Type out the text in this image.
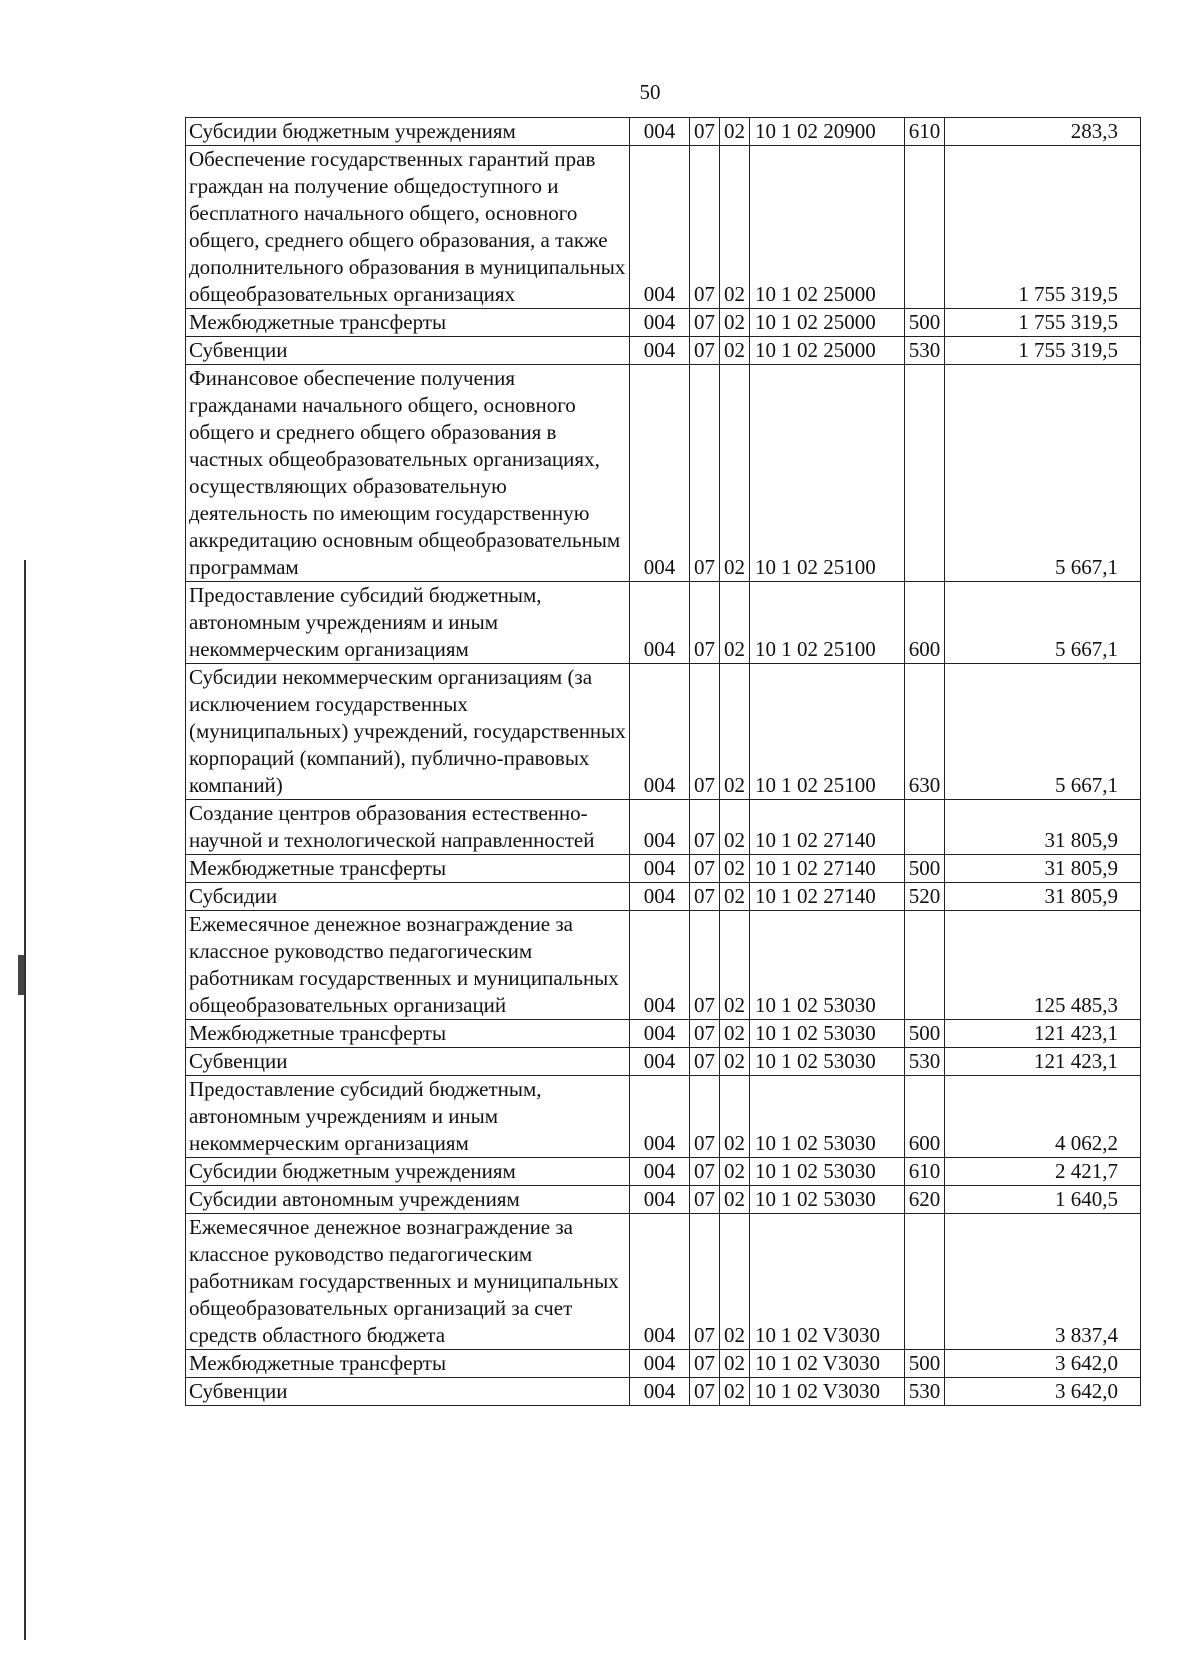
50
Субсидии бюджетным учреждениям	004	07	02	10 1 02 20900	610	283,3
Обеспечение государственных гарантий прав граждан на получение общедоступного и бесплатного начального общего, основного общего, среднего общего образования, а также дополнительного образования в муниципальных общеобразовательных организациях	004	07	02	10 1 02 25000		1 755 319,5
Межбюджетные трансферты	004	07	02	10 1 02 25000	500	1 755 319,5
Субвенции	004	07	02	10 1 02 25000	530	1 755 319,5
Финансовое обеспечение получения гражданами начального общего, основного общего и среднего общего образования в частных общеобразовательных организациях, осуществляющих образовательную деятельность по имеющим государственную аккредитацию основным общеобразовательным программам	004	07	02	10 1 02 25100		5 667,1
Предоставление субсидий бюджетным, автономным учреждениям и иным некоммерческим организациям	004	07	02	10 1 02 25100	600	5 667,1
Субсидии некоммерческим организациям (за исключением государственных (муниципальных) учреждений, государственных корпораций (компаний), публично-правовых компаний)	004	07	02	10 1 02 25100	630	5 667,1
Создание центров образования естественно-научной и технологической направленностей	004	07	02	10 1 02 27140		31 805,9
Межбюджетные трансферты	004	07	02	10 1 02 27140	500	31 805,9
Субсидии	004	07	02	10 1 02 27140	520	31 805,9
Ежемесячное денежное вознаграждение за классное руководство педагогическим работникам государственных и муниципальных общеобразовательных организаций	004	07	02	10 1 02 53030		125 485,3
Межбюджетные трансферты	004	07	02	10 1 02 53030	500	121 423,1
Субвенции	004	07	02	10 1 02 53030	530	121 423,1
Предоставление субсидий бюджетным, автономным учреждениям и иным некоммерческим организациям	004	07	02	10 1 02 53030	600	4 062,2
Субсидии бюджетным учреждениям	004	07	02	10 1 02 53030	610	2 421,7
Субсидии автономным учреждениям	004	07	02	10 1 02 53030	620	1 640,5
Ежемесячное денежное вознаграждение за классное руководство педагогическим работникам государственных и муниципальных общеобразовательных организаций за счет средств областного бюджета	004	07	02	10 1 02 V3030		3 837,4
Межбюджетные трансферты	004	07	02	10 1 02 V3030	500	3 642,0
Субвенции	004	07	02	10 1 02 V3030	530	3 642,0
